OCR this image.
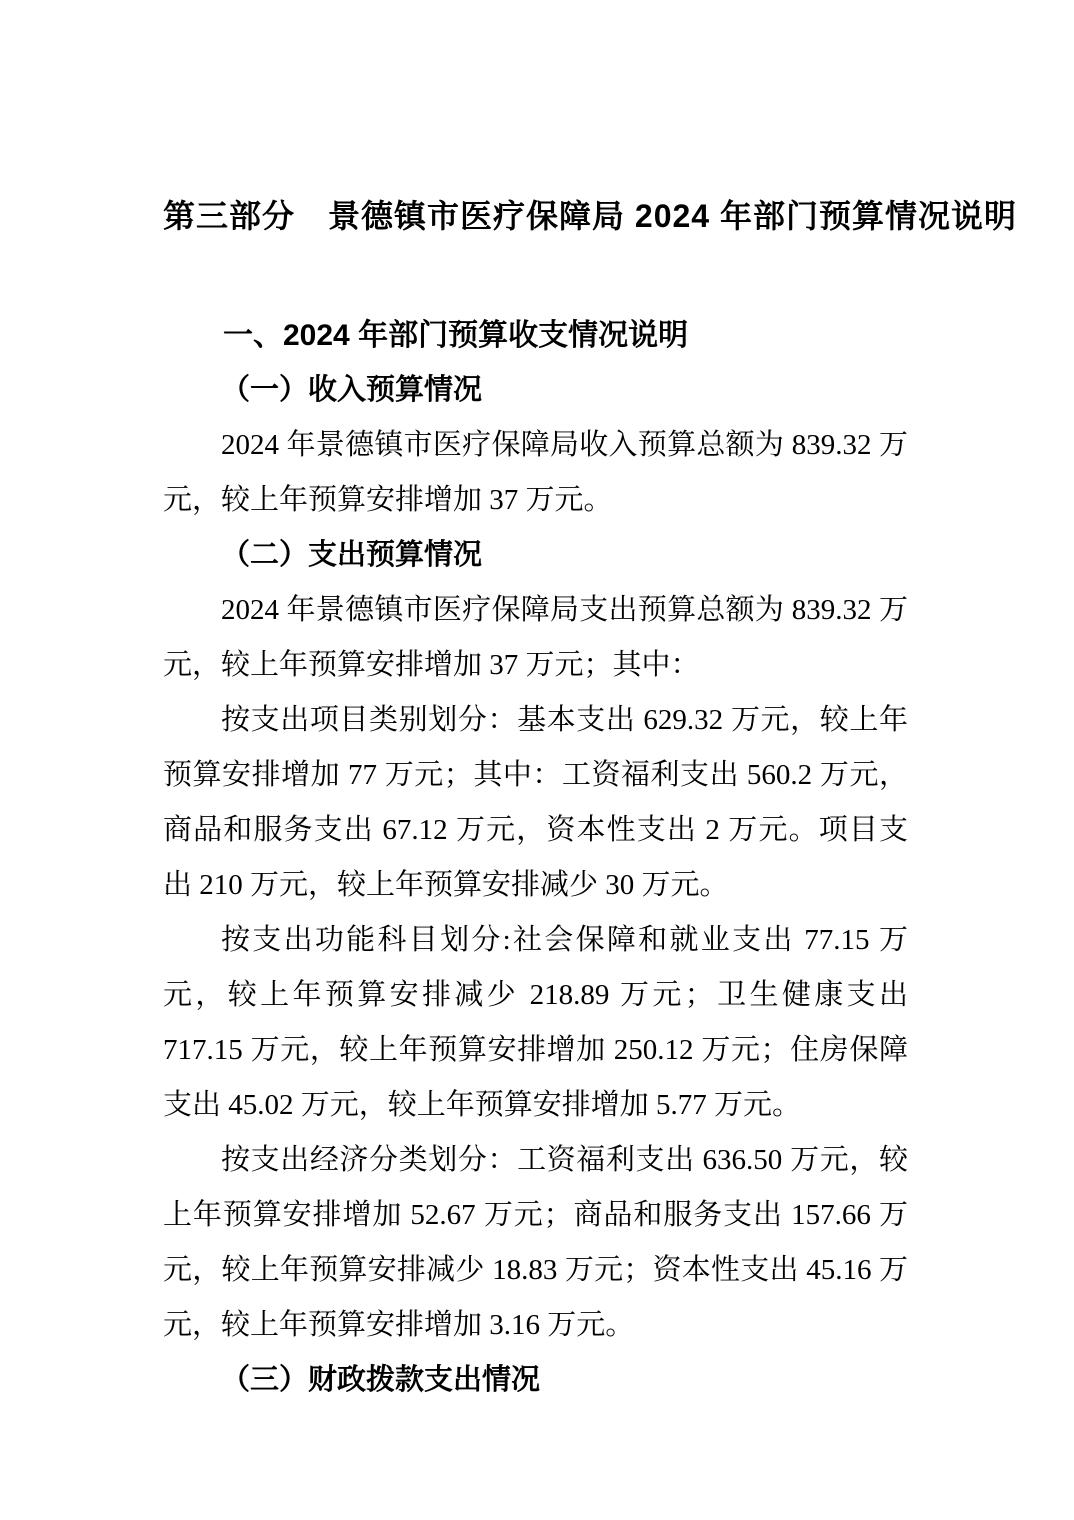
第三部分　景德镇市医疗保障局 2024 年部门预算情况说明
一、2024 年部门预算收支情况说明
（一）收入预算情况

2024 年景德镇市医疗保障局收入预算总额为 839.32 万元，较上年预算安排增加 37 万元。

（二）支出预算情况

2024 年景德镇市医疗保障局支出预算总额为 839.32 万元，较上年预算安排增加 37 万元；其中：

按支出项目类别划分：基本支出 629.32 万元，较上年预算安排增加 77 万元；其中：工资福利支出 560.2 万元，商品和服务支出 67.12 万元，资本性支出 2 万元。项目支出 210 万元，较上年预算安排减少 30 万元。

按支出功能科目划分:社会保障和就业支出 77.15 万元，较上年预算安排减少 218.89 万元；卫生健康支出 717.15 万元，较上年预算安排增加 250.12 万元；住房保障支出 45.02 万元，较上年预算安排增加 5.77 万元。

按支出经济分类划分：工资福利支出 636.50 万元，较上年预算安排增加 52.67 万元；商品和服务支出 157.66 万元，较上年预算安排减少 18.83 万元；资本性支出 45.16 万元，较上年预算安排增加 3.16 万元。

（三）财政拨款支出情况
